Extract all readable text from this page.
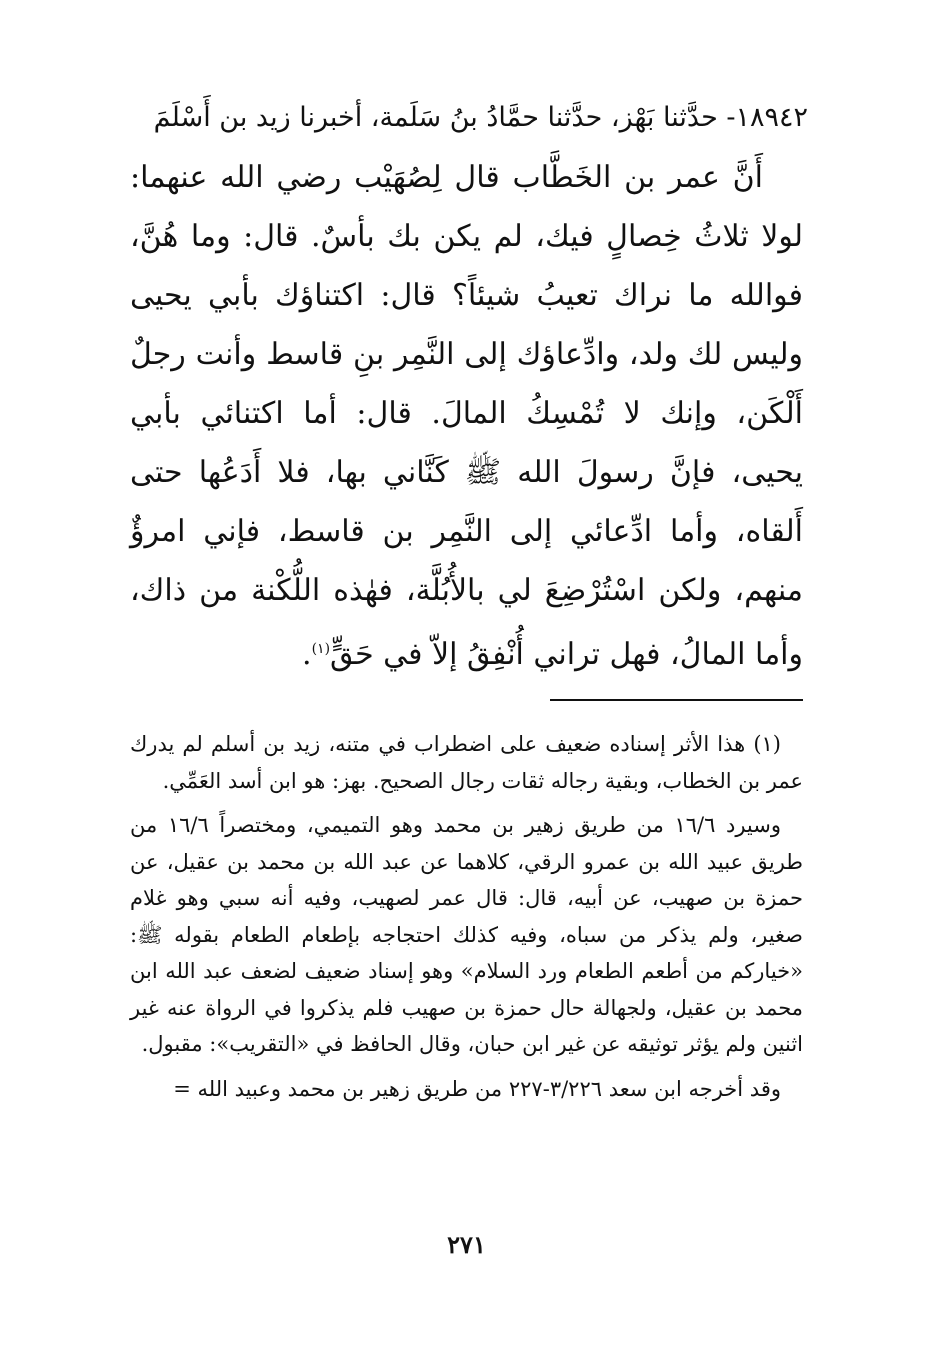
١٨٩٤٢- حدَّثنا بَهْز، حدَّثنا حمَّادُ بنُ سَلَمة، أخبرنا زيد بن أَسْلَمَ

أَنَّ عمر بن الخَطَّاب قال لِصُهَيْب رضي الله عنهما: لولا ثلاثُ خِصالٍ فيك، لم يكن بك بأسٌ. قال: وما هُنَّ، فوالله ما نراك تعيبُ شيئاً؟ قال: اكتناؤك بأبي يحيى وليس لك ولد، وادِّعاؤك إلى النَّمِر بنِ قاسط وأنت رجلٌ أَلْكَن، وإنك لا تُمْسِكُ المالَ. قال: أما اكتنائي بأبي يحيى، فإنَّ رسولَ الله ﷺ كَنَّاني بها، فلا أَدَعُها حتى أَلقاه، وأما ادِّعائي إلى النَّمِر بن قاسط، فإني امرؤٌ منهم، ولكن اسْتُرْضِعَ لي بالأُبُلَّة، فهٰذه اللُّكْنة من ذاك، وأما المالُ، فهل تراني أُنْفِقُ إلاّ في حَقٍّ$^{(١)}$.

(١) هذا الأثر إسناده ضعيف على اضطراب في متنه، زيد بن أسلم لم يدرك عمر بن الخطاب، وبقية رجاله ثقات رجال الصحيح. بهز: هو ابن أسد العَمِّي.

وسيرد ١٦/٦ من طريق زهير بن محمد وهو التميمي، ومختصراً ١٦/٦ من طريق عبيد الله بن عمرو الرقي، كلاهما عن عبد الله بن محمد بن عقيل، عن حمزة بن صهيب، عن أبيه، قال: قال عمر لصهيب، وفيه أنه سبي وهو غلام صغير، ولم يذكر من سباه، وفيه كذلك احتجاجه بإطعام الطعام بقوله ﷺ: «خياركم من أطعم الطعام ورد السلام» وهو إسناد ضعيف لضعف عبد الله ابن محمد بن عقيل، ولجهالة حال حمزة بن صهيب فلم يذكروا في الرواة عنه غير اثنين ولم يؤثر توثيقه عن غير ابن حبان، وقال الحافظ في «التقريب»: مقبول.

وقد أخرجه ابن سعد ٣/٢٢٦-٢٢٧ من طريق زهير بن محمد وعبيد الله =

٢٧١
